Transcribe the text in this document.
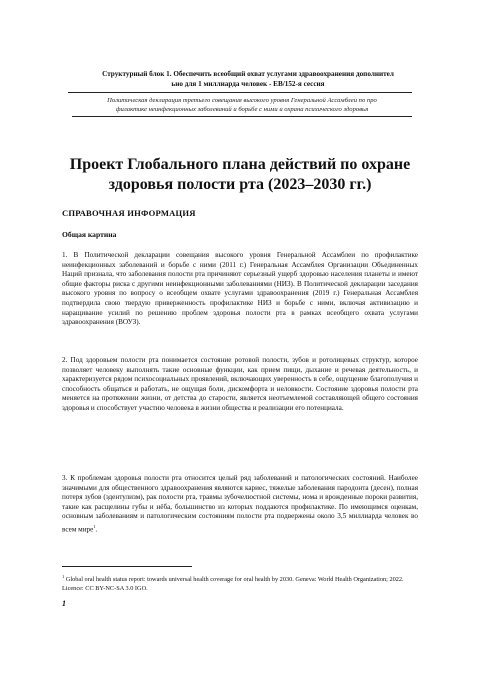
Структурный блок 1. Обеспечить всеобщий охват услугами здравоохранения дополнител
ьно для 1 миллиарда человек - EB/152-я сессия
Политическая декларация третьего совещания высокого уровня Генеральной Ассамблеи по про
филактике неинфекционных заболеваний и борьбе с ними и охрана психического здоровья
Проект Глобального плана действий по охране здоровья полости рта (2023–2030 гг.)
СПРАВОЧНАЯ ИНФОРМАЦИЯ
Общая картина
1. В Политической декларации совещания высокого уровня Генеральной Ассамблеи по профилактике неинфекционных заболеваний и борьбе с ними (2011 г.) Генеральная Ассамблея Организации Объединенных Наций признала, что заболевания полости рта причиняют серьезный ущерб здоровью населения планеты и имеют общие факторы риска с другими неинфекционными заболеваниями (НИЗ). В Политической декларации заседания высокого уровня по вопросу о всеобщем охвате услугами здравоохранения (2019 г.) Генеральная Ассамблея подтвердила свою твердую приверженность профилактике НИЗ и борьбе с ними, включая активизацию и наращивание усилий по решению проблем здоровья полости рта в рамках всеобщего охвата услугами здравоохранения (ВОУЗ).
2. Под здоровьем полости рта понимается состояние ротовой полости, зубов и ротолицевых структур, которое позволяет человеку выполнять такие основные функции, как прием пищи, дыхание и речевая деятельность, и характеризуется рядом психосоциальных проявлений, включающих уверенность в себе, ощущение благополучия и способность общаться и работать, не ощущая боли, дискомфорта и неловкости. Состояние здоровья полости рта меняется на протяжении жизни, от детства до старости, является неотъемлемой составляющей общего состояния здоровья и способствует участию человека в жизни общества и реализации его потенциала.
3. К проблемам здоровья полости рта относится целый ряд заболеваний и патологических состояний. Наиболее значимыми для общественного здравоохранения являются кариес, тяжелые заболевания пародонта (десен), полная потеря зубов (эдентулизм), рак полости рта, травмы зубочелюстной системы, нома и врожденные пороки развития, такие как расщелины губы и нёба, большинство из которых поддаются профилактике. По имеющимся оценкам, основным заболеваниям и патологическим состояниям полости рта подвержены около 3,5 миллиарда человек во всем мире$^1$.
$^1$ Global oral health status report: towards universal health coverage for oral health by 2030. Geneva: World Health Organization; 2022. Licence: CC BY-NC-SA 3.0 IGO.
1
